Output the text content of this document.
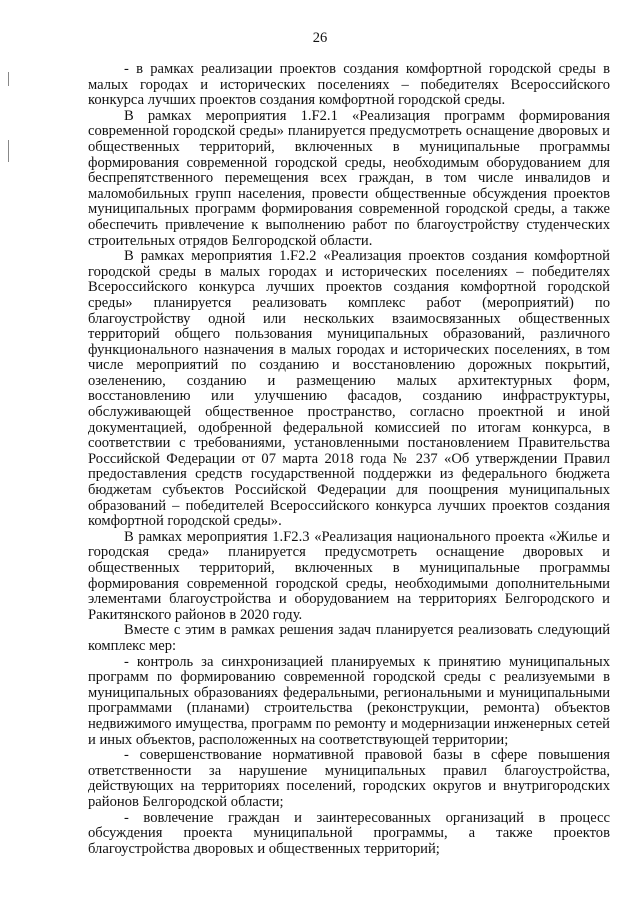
26

- в рамках реализации проектов создания комфортной городской среды в малых городах и исторических поселениях – победителях Всероссийского конкурса лучших проектов создания комфортной городской среды.

В рамках мероприятия 1.F2.1 «Реализация программ формирования современной городской среды» планируется предусмотреть оснащение дворовых и общественных территорий, включенных в муниципальные программы формирования современной городской среды, необходимым оборудованием для беспрепятственного перемещения всех граждан, в том числе инвалидов и маломобильных групп населения, провести общественные обсуждения проектов муниципальных программ формирования современной городской среды, а также обеспечить привлечение к выполнению работ по благоустройству студенческих строительных отрядов Белгородской области.

В рамках мероприятия 1.F2.2 «Реализация проектов создания комфортной городской среды в малых городах и исторических поселениях – победителях Всероссийского конкурса лучших проектов создания комфортной городской среды» планируется реализовать комплекс работ (мероприятий) по благоустройству одной или нескольких взаимосвязанных общественных территорий общего пользования муниципальных образований, различного функционального назначения в малых городах и исторических поселениях, в том числе мероприятий по созданию и восстановлению дорожных покрытий, озеленению, созданию и размещению малых архитектурных форм, восстановлению или улучшению фасадов, созданию инфраструктуры, обслуживающей общественное пространство, согласно проектной и иной документацией, одобренной федеральной комиссией по итогам конкурса, в соответствии с требованиями, установленными постановлением Правительства Российской Федерации от 07 марта 2018 года № 237 «Об утверждении Правил предоставления средств государственной поддержки из федерального бюджета бюджетам субъектов Российской Федерации для поощрения муниципальных образований – победителей Всероссийского конкурса лучших проектов создания комфортной городской среды».

В рамках мероприятия 1.F2.3 «Реализация национального проекта «Жилье и городская среда» планируется предусмотреть оснащение дворовых и общественных территорий, включенных в муниципальные программы формирования современной городской среды, необходимыми дополнительными элементами благоустройства и оборудованием на территориях Белгородского и Ракитянского районов в 2020 году.

Вместе с этим в рамках решения задач планируется реализовать следующий комплекс мер:

- контроль за синхронизацией планируемых к принятию муниципальных программ по формированию современной городской среды с реализуемыми в муниципальных образованиях федеральными, региональными и муниципальными программами (планами) строительства (реконструкции, ремонта) объектов недвижимого имущества, программ по ремонту и модернизации инженерных сетей и иных объектов, расположенных на соответствующей территории;

- совершенствование нормативной правовой базы в сфере повышения ответственности за нарушение муниципальных правил благоустройства, действующих на территориях поселений, городских округов и внутригородских районов Белгородской области;

- вовлечение граждан и заинтересованных организаций в процесс обсуждения проекта муниципальной программы, а также проектов благоустройства дворовых и общественных территорий;
